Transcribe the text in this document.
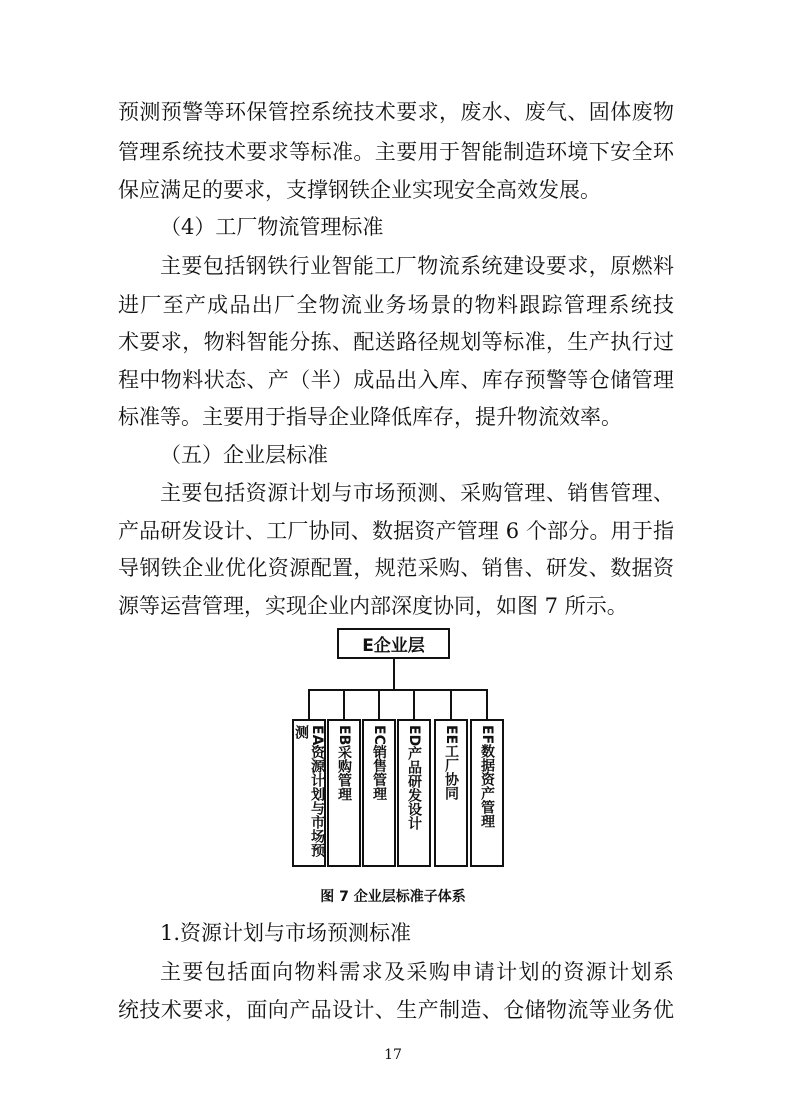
预测预警等环保管控系统技术要求，废水、废气、固体废物
管理系统技术要求等标准。主要用于智能制造环境下安全环
保应满足的要求，支撑钢铁企业实现安全高效发展。
（4）工厂物流管理标准
主要包括钢铁行业智能工厂物流系统建设要求，原燃料
进厂至产成品出厂全物流业务场景的物料跟踪管理系统技
术要求，物料智能分拣、配送路径规划等标准，生产执行过
程中物料状态、产（半）成品出入库、库存预警等仓储管理
标准等。主要用于指导企业降低库存，提升物流效率。
（五）企业层标准
主要包括资源计划与市场预测、采购管理、销售管理、
产品研发设计、工厂协同、数据资产管理 6 个部分。用于指
导钢铁企业优化资源配置，规范采购、销售、研发、数据资
源等运营管理，实现企业内部深度协同，如图 7 所示。
E企业层
EA资源计划与市场预测	EB采购管理 EC销售管理 ED产品研发设计 EE工厂协同 EF数据资产管理
图 7 企业层标准子体系
1.资源计划与市场预测标准
主要包括面向物料需求及采购申请计划的资源计划系
统技术要求，面向产品设计、生产制造、仓储物流等业务优
17
